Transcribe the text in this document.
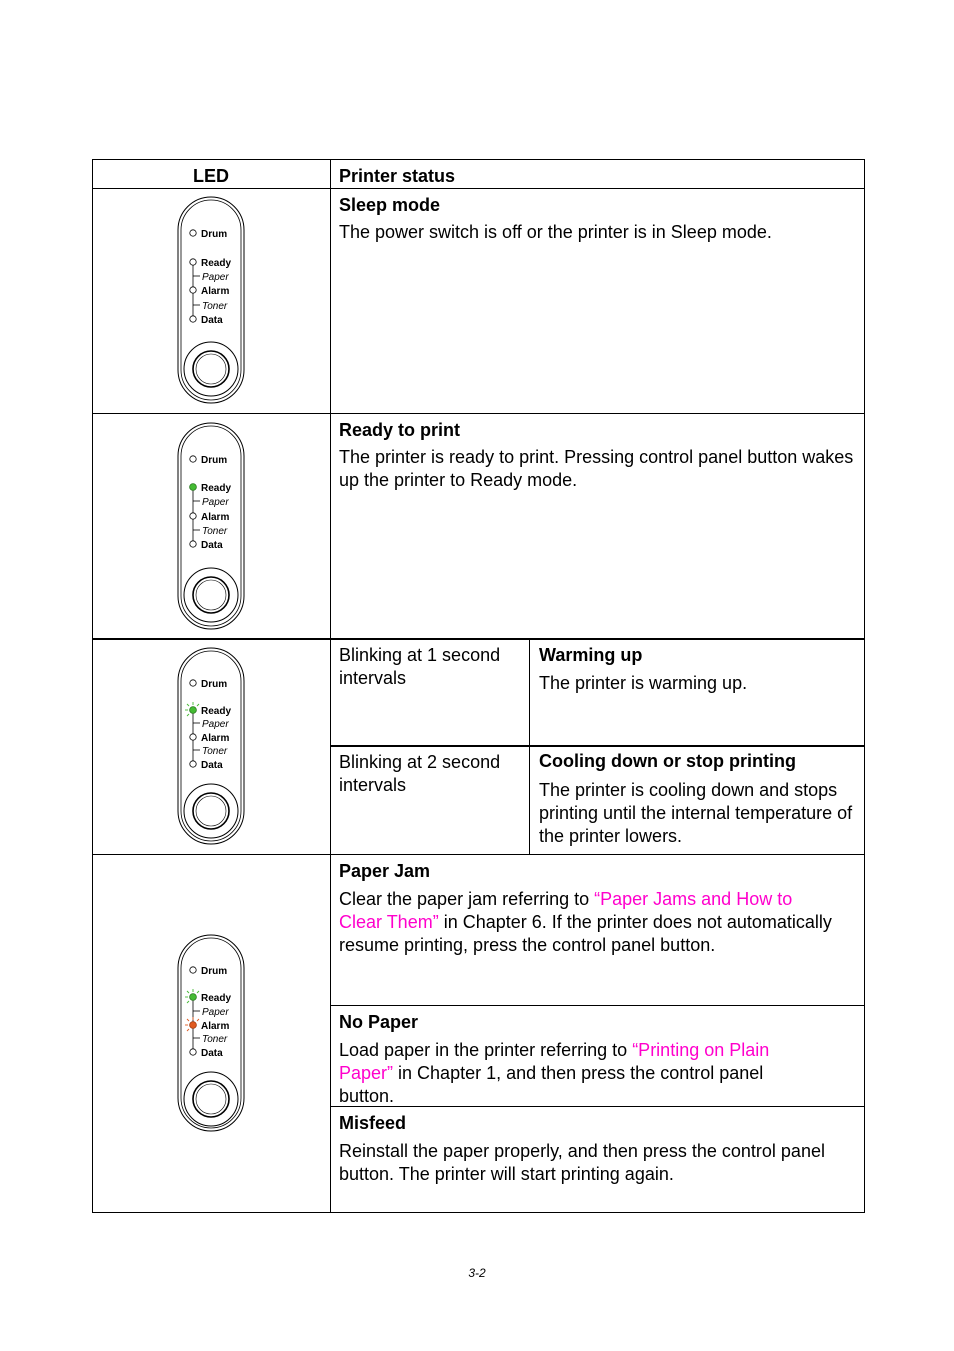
LED	Printer status
Drum
Ready
Paper
Alarm
Toner
Data
Sleep mode
The power switch is off or the printer is in Sleep mode.
Drum
Ready
Paper
Alarm
Toner
Data
Ready to print
The printer is ready to print. Pressing control panel button wakes up the printer to Ready mode.
Drum
Ready
Paper
Alarm
Toner
Data
Blinking at 1 second intervals
Warming up
The printer is warming up.
Blinking at 2 second intervals
Cooling down or stop printing
The printer is cooling down and stops printing until the internal temperature of the printer lowers.
Drum
Ready
Paper
Alarm
Toner
Data
Paper Jam
Clear the paper jam referring to “Paper Jams and How to Clear Them” in Chapter 6. If the printer does not automatically resume printing, press the control panel button.
No Paper
Load paper in the printer referring to “Printing on Plain Paper” in Chapter 1, and then press the control panel button.
Misfeed
Reinstall the paper properly, and then press the control panel button. The printer will start printing again.
3-2
